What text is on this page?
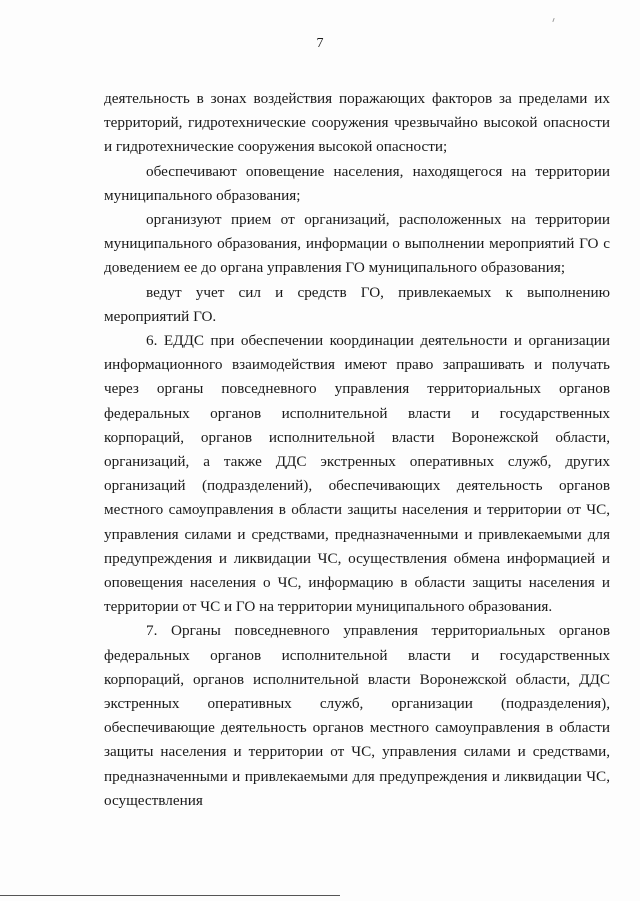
7

деятельность в зонах воздействия поражающих факторов за пределами их территорий, гидротехнические сооружения чрезвычайно высокой опасности и гидротехнические сооружения высокой опасности;

обеспечивают оповещение населения, находящегося на территории муниципального образования;

организуют прием от организаций, расположенных на территории муниципального образования, информации о выполнении мероприятий ГО с доведением ее до органа управления ГО муниципального образования;

ведут учет сил и средств ГО, привлекаемых к выполнению мероприятий ГО.

6. ЕДДС при обеспечении координации деятельности и организации информационного взаимодействия имеют право запрашивать и получать через органы повседневного управления территориальных органов федеральных органов исполнительной власти и государственных корпораций, органов исполнительной власти Воронежской области, организаций, а также ДДС экстренных оперативных служб, других организаций (подразделений), обеспечивающих деятельность органов местного самоуправления в области защиты населения и территории от ЧС, управления силами и средствами, предназначенными и привлекаемыми для предупреждения и ликвидации ЧС, осуществления обмена информацией и оповещения населения о ЧС, информацию в области защиты населения и территории от ЧС и ГО на территории муниципального образования.

7. Органы повседневного управления территориальных органов федеральных органов исполнительной власти и государственных корпораций, органов исполнительной власти Воронежской области, ДДС экстренных оперативных служб, организации (подразделения), обеспечивающие деятельность органов местного самоуправления в области защиты населения и территории от ЧС, управления силами и средствами, предназначенными и привлекаемыми для предупреждения и ликвидации ЧС, осуществления
